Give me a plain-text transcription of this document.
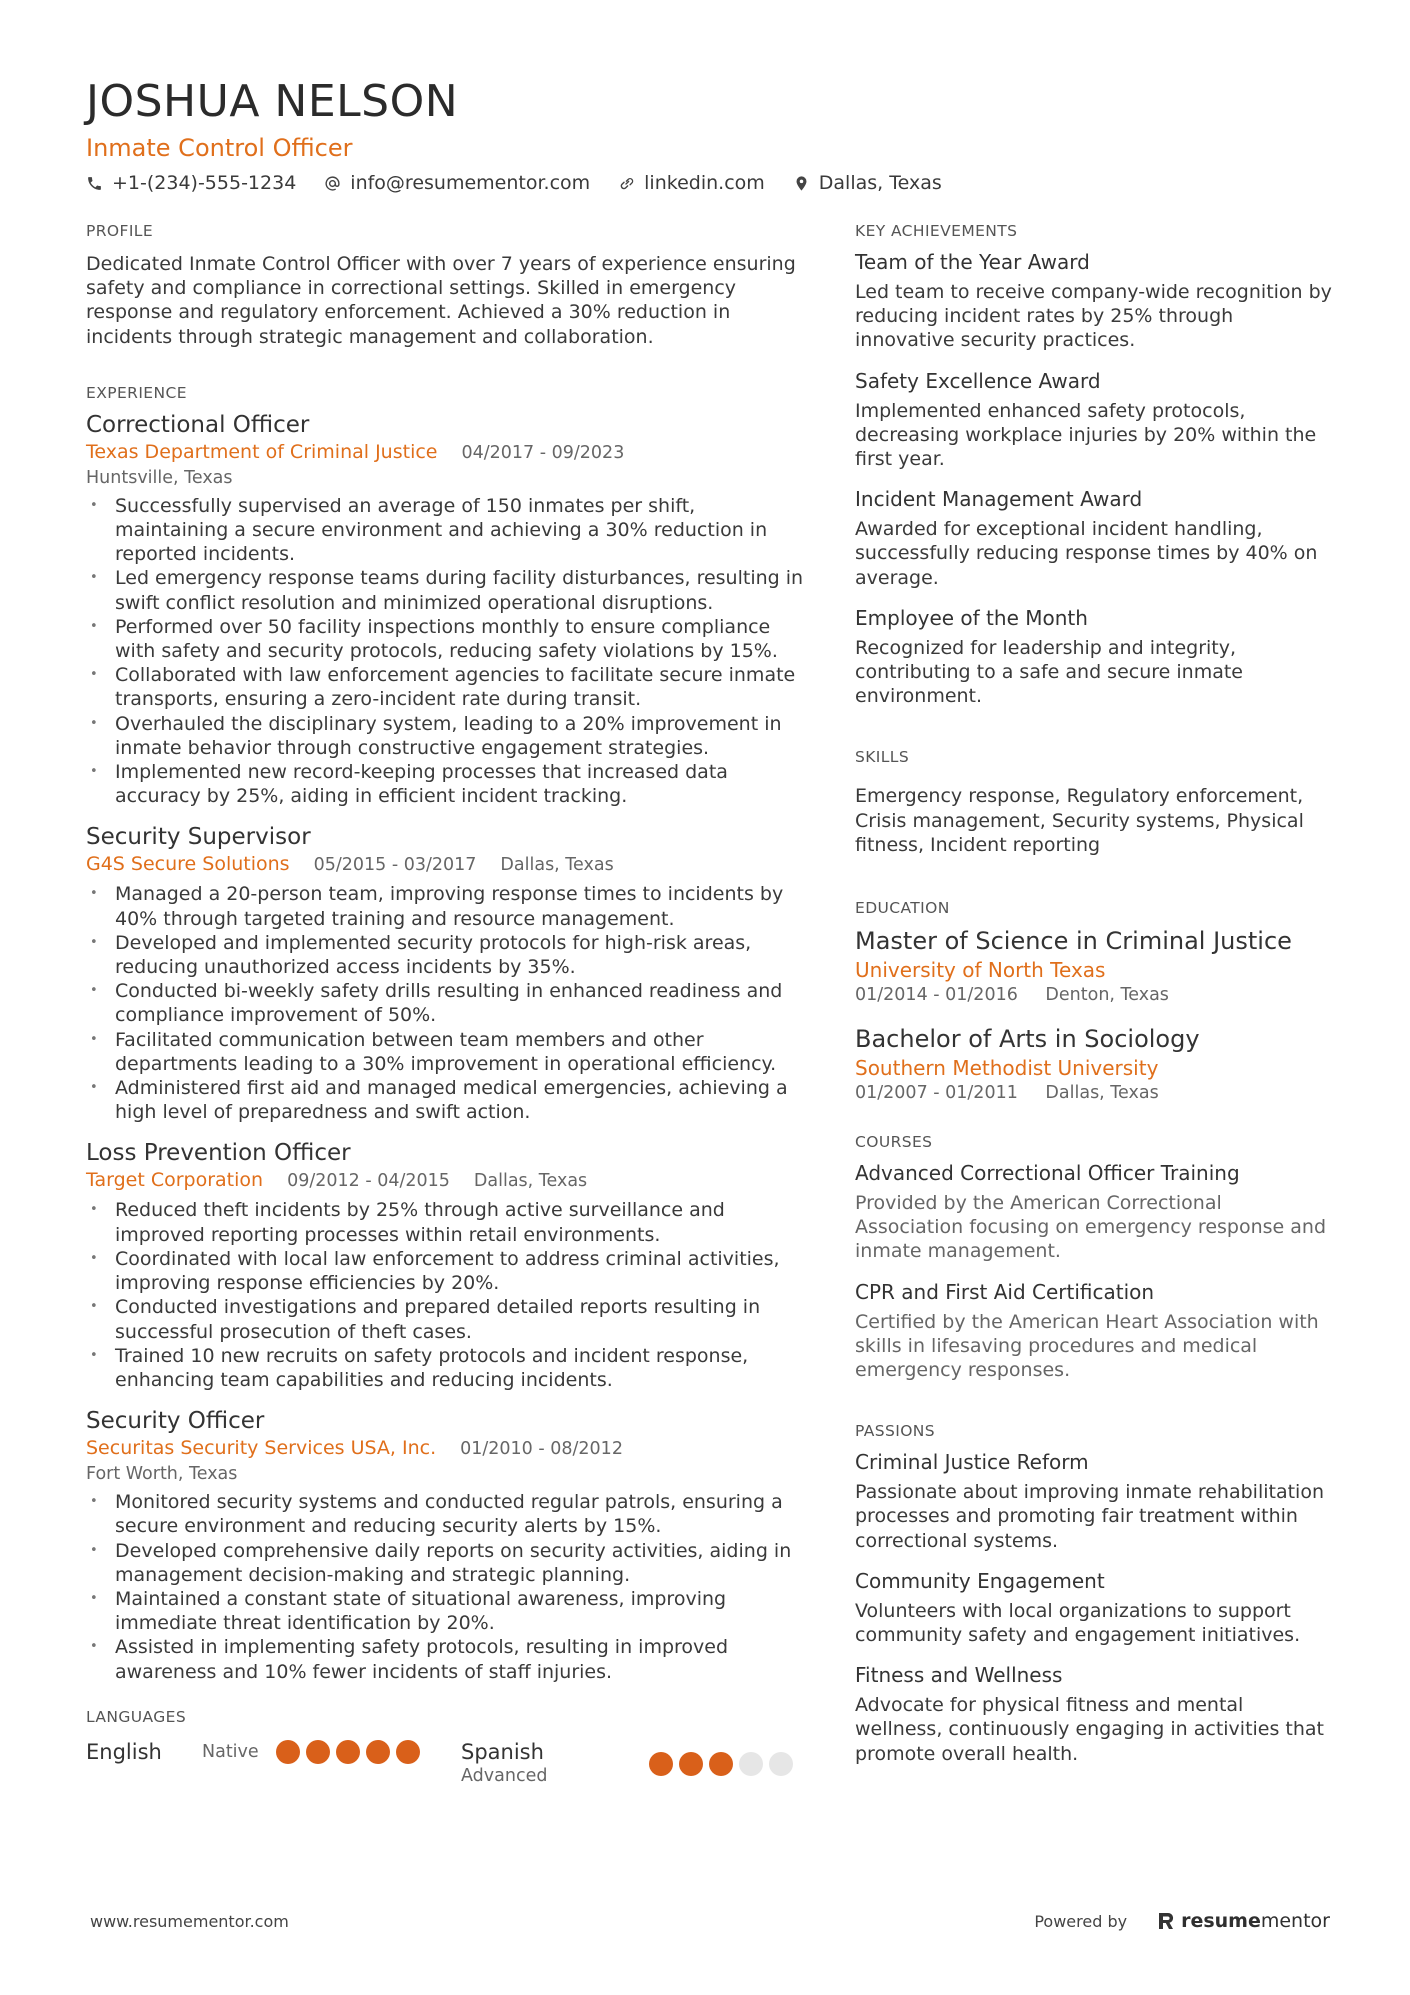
JOSHUA NELSON
Inmate Control Officer
+1-(234)-555-1234	info@resumementor.com	linkedin.com	Dallas, Texas
PROFILE
Dedicated Inmate Control Officer with over 7 years of experience ensuring safety and compliance in correctional settings. Skilled in emergency response and regulatory enforcement. Achieved a 30% reduction in incidents through strategic management and collaboration.
EXPERIENCE
Correctional Officer
Texas Department of Criminal Justice 04/2017 - 09/2023
Huntsville, Texas
• Successfully supervised an average of 150 inmates per shift, maintaining a secure environment and achieving a 30% reduction in reported incidents.
• Led emergency response teams during facility disturbances, resulting in swift conflict resolution and minimized operational disruptions.
• Performed over 50 facility inspections monthly to ensure compliance with safety and security protocols, reducing safety violations by 15%.
• Collaborated with law enforcement agencies to facilitate secure inmate transports, ensuring a zero-incident rate during transit.
• Overhauled the disciplinary system, leading to a 20% improvement in inmate behavior through constructive engagement strategies.
• Implemented new record-keeping processes that increased data accuracy by 25%, aiding in efficient incident tracking.
Security Supervisor
G4S Secure Solutions 05/2015 - 03/2017 Dallas, Texas
• Managed a 20-person team, improving response times to incidents by 40% through targeted training and resource management.
• Developed and implemented security protocols for high-risk areas, reducing unauthorized access incidents by 35%.
• Conducted bi-weekly safety drills resulting in enhanced readiness and compliance improvement of 50%.
• Facilitated communication between team members and other departments leading to a 30% improvement in operational efficiency.
• Administered first aid and managed medical emergencies, achieving a high level of preparedness and swift action.
Loss Prevention Officer
Target Corporation 09/2012 - 04/2015 Dallas, Texas
• Reduced theft incidents by 25% through active surveillance and improved reporting processes within retail environments.
• Coordinated with local law enforcement to address criminal activities, improving response efficiencies by 20%.
• Conducted investigations and prepared detailed reports resulting in successful prosecution of theft cases.
• Trained 10 new recruits on safety protocols and incident response, enhancing team capabilities and reducing incidents.
Security Officer
Securitas Security Services USA, Inc. 01/2010 - 08/2012
Fort Worth, Texas
• Monitored security systems and conducted regular patrols, ensuring a secure environment and reducing security alerts by 15%.
• Developed comprehensive daily reports on security activities, aiding in management decision-making and strategic planning.
• Maintained a constant state of situational awareness, improving immediate threat identification by 20%.
• Assisted in implementing safety protocols, resulting in improved awareness and 10% fewer incidents of staff injuries.
LANGUAGES
English	Native	Spanish
Advanced
KEY ACHIEVEMENTS
Team of the Year Award
Led team to receive company-wide recognition by reducing incident rates by 25% through innovative security practices.
Safety Excellence Award
Implemented enhanced safety protocols, decreasing workplace injuries by 20% within the first year.
Incident Management Award
Awarded for exceptional incident handling, successfully reducing response times by 40% on average.
Employee of the Month
Recognized for leadership and integrity, contributing to a safe and secure inmate environment.
SKILLS
Emergency response, Regulatory enforcement, Crisis management, Security systems, Physical fitness, Incident reporting
EDUCATION
Master of Science in Criminal Justice
University of North Texas
01/2014 - 01/2016 Denton, Texas
Bachelor of Arts in Sociology
Southern Methodist University
01/2007 - 01/2011 Dallas, Texas
COURSES
Advanced Correctional Officer Training
Provided by the American Correctional Association focusing on emergency response and inmate management.
CPR and First Aid Certification
Certified by the American Heart Association with skills in lifesaving procedures and medical emergency responses.
PASSIONS
Criminal Justice Reform
Passionate about improving inmate rehabilitation processes and promoting fair treatment within correctional systems.
Community Engagement
Volunteers with local organizations to support community safety and engagement initiatives.
Fitness and Wellness
Advocate for physical fitness and mental wellness, continuously engaging in activities that promote overall health.
www.resumementor.com	Powered by	resume mentor
